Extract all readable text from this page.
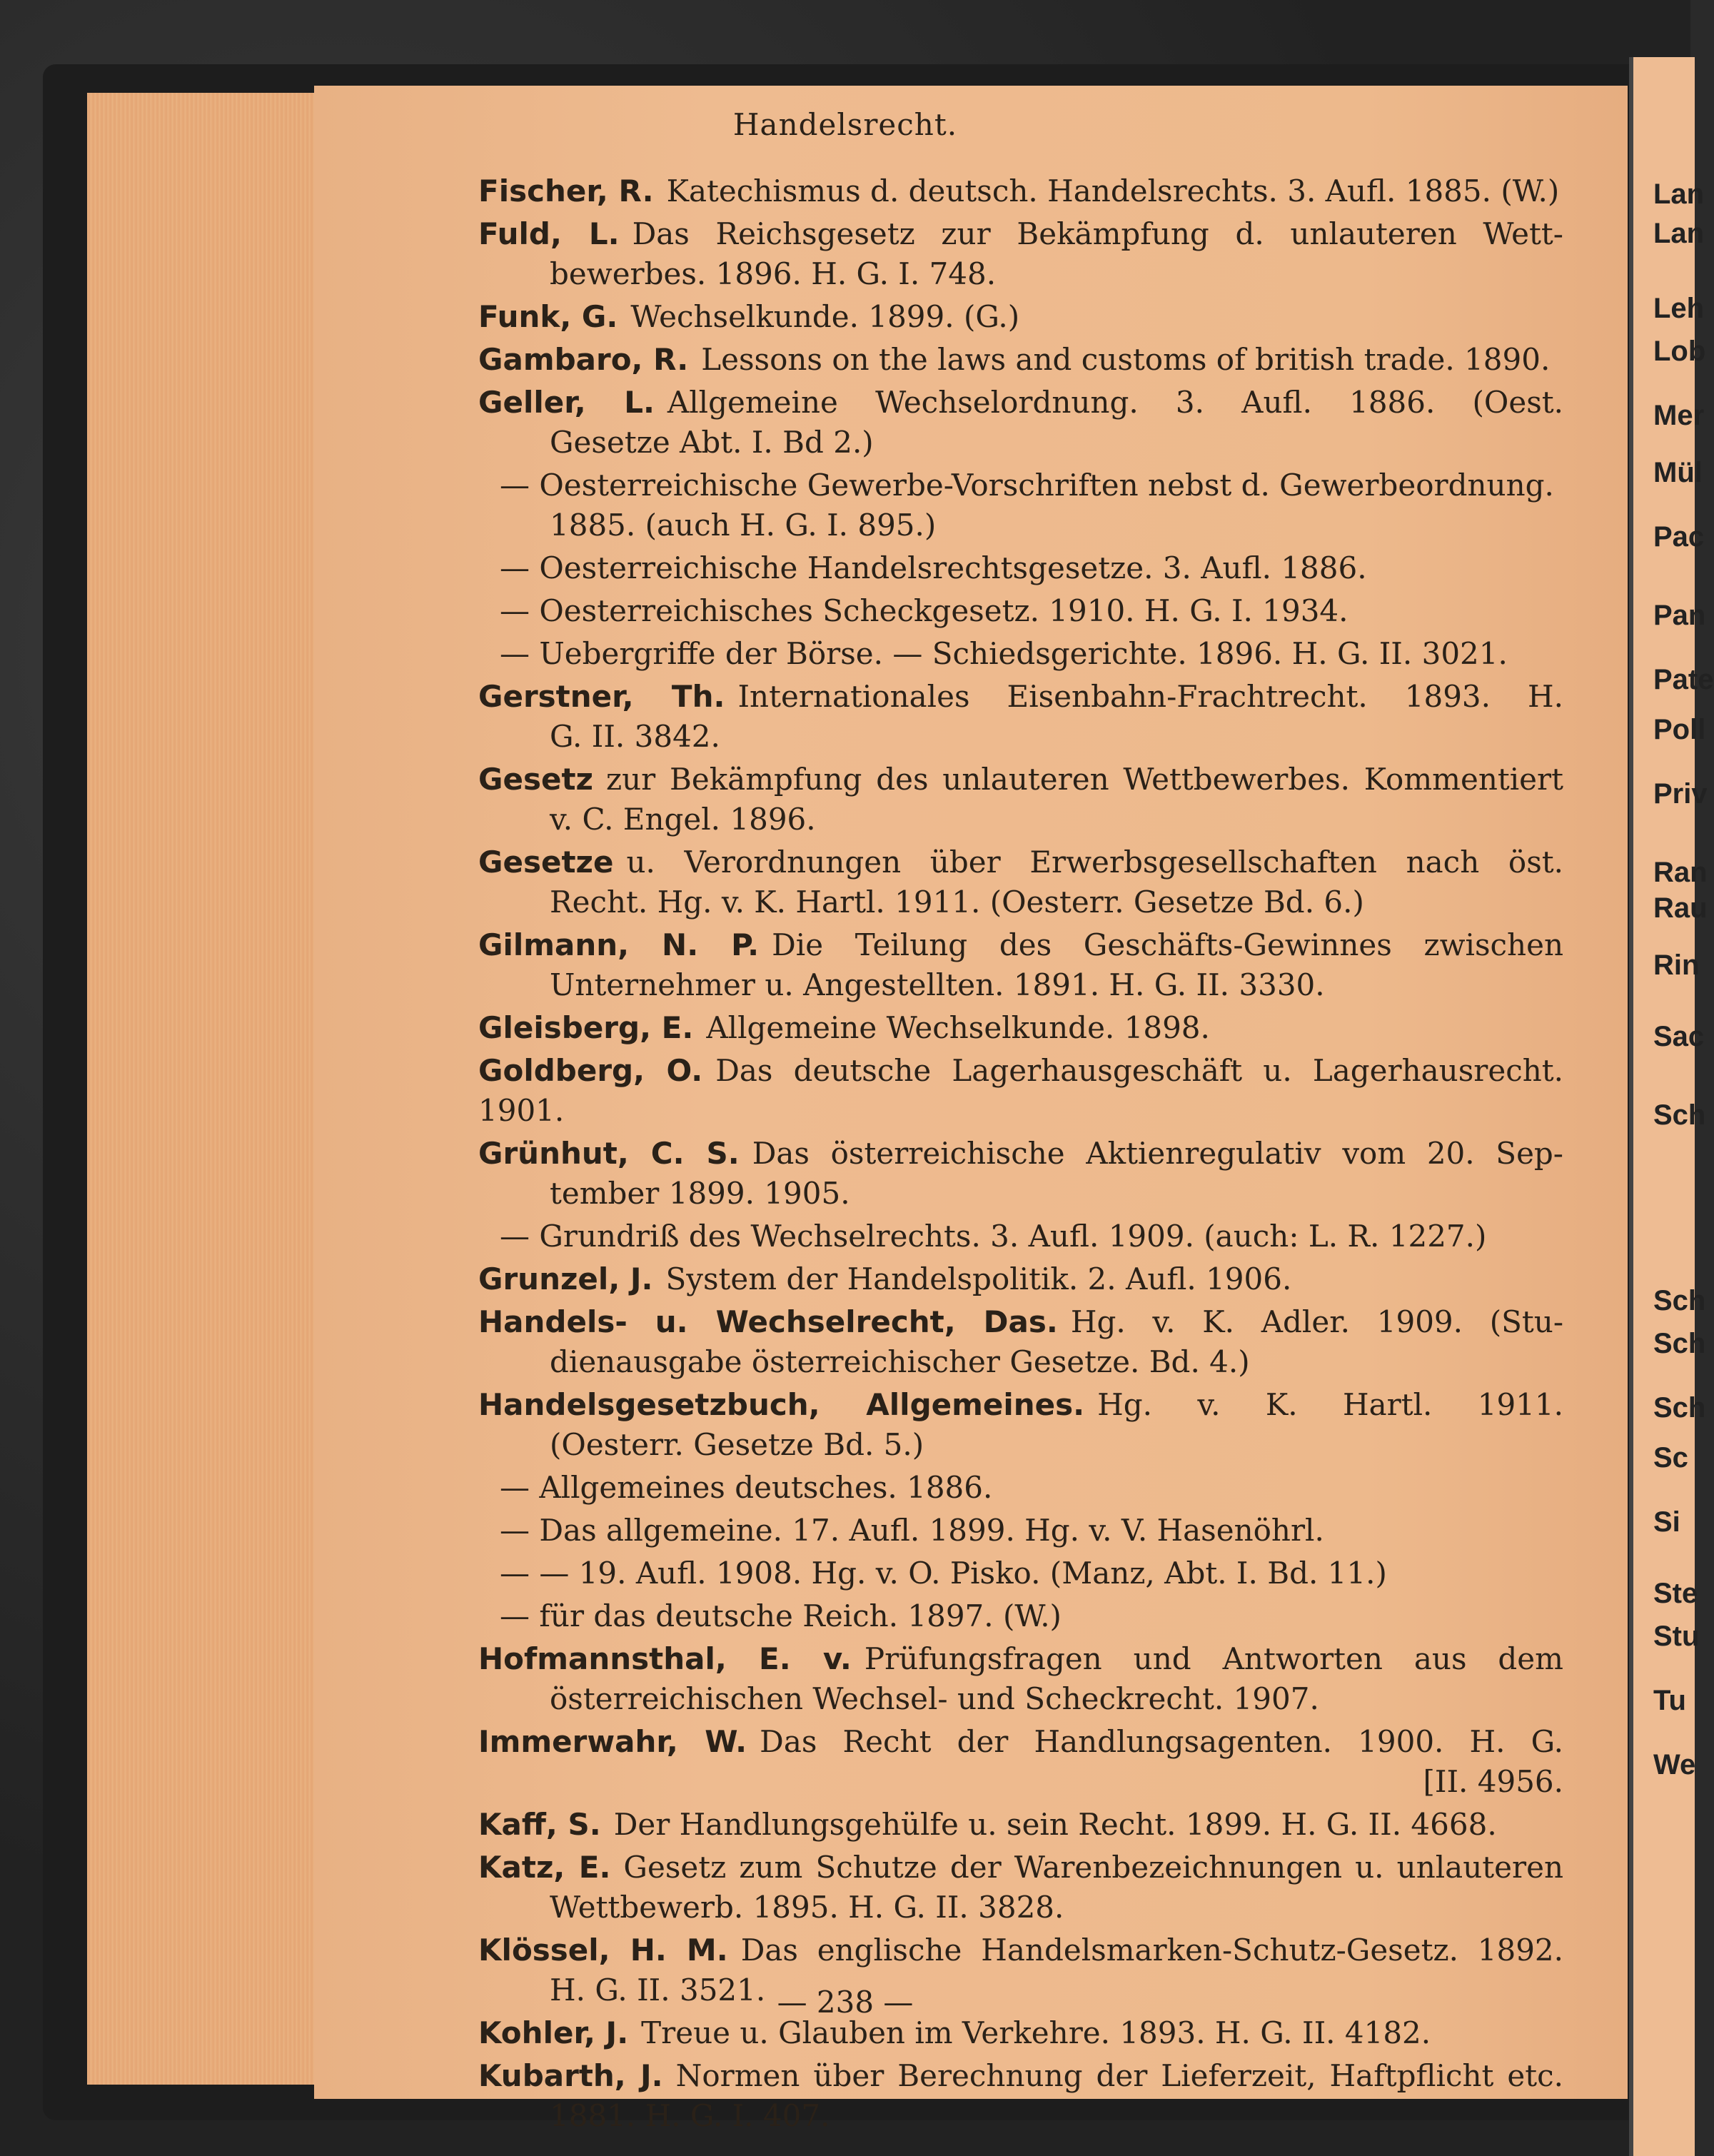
Lan
Lan
Leh
Lob
Mer
Mül
Pac
Pan
Pate
Poll
Priv
Ran
Rau
Rin
Sac
Sch
Sch
Sch
Sch
Sc
Si
Ste
Stu
Tu
We
Handelsrecht.
Fischer, R. Katechismus d. deutsch. Handelsrechts. 3. Aufl. 1885. (W.)
Fuld, L. Das Reichsgesetz zur Bekämpfung d. unlauteren Wett-
bewerbes. 1896. H. G. I. 748.
Funk, G. Wechselkunde. 1899. (G.)
Gambaro, R. Lessons on the laws and customs of british trade. 1890.
Geller, L. Allgemeine Wechselordnung. 3. Aufl. 1886. (Oest.
Gesetze Abt. I. Bd 2.)
— Oesterreichische Gewerbe-Vorschriften nebst d. Gewerbeordnung.
1885. (auch H. G. I. 895.)
— Oesterreichische Handelsrechtsgesetze. 3. Aufl. 1886.
— Oesterreichisches Scheckgesetz. 1910. H. G. I. 1934.
— Uebergriffe der Börse. — Schiedsgerichte. 1896. H. G. II. 3021.
Gerstner, Th. Internationales Eisenbahn-Frachtrecht. 1893. H.
G. II. 3842.
Gesetz zur Bekämpfung des unlauteren Wettbewerbes. Kommentiert
v. C. Engel. 1896.
Gesetze u. Verordnungen über Erwerbsgesellschaften nach öst.
Recht. Hg. v. K. Hartl. 1911. (Oesterr. Gesetze Bd. 6.)
Gilmann, N. P. Die Teilung des Geschäfts-Gewinnes zwischen
Unternehmer u. Angestellten. 1891. H. G. II. 3330.
Gleisberg, E. Allgemeine Wechselkunde. 1898.
Goldberg, O. Das deutsche Lagerhausgeschäft u. Lagerhausrecht. 1901.
Grünhut, C. S. Das österreichische Aktienregulativ vom 20. Sep-
tember 1899. 1905.
— Grundriß des Wechselrechts. 3. Aufl. 1909. (auch: L. R. 1227.)
Grunzel, J. System der Handelspolitik. 2. Aufl. 1906.
Handels- u. Wechselrecht, Das. Hg. v. K. Adler. 1909. (Stu-
dienausgabe österreichischer Gesetze. Bd. 4.)
Handelsgesetzbuch, Allgemeines. Hg. v. K. Hartl. 1911.
(Oesterr. Gesetze Bd. 5.)
— Allgemeines deutsches. 1886.
— Das allgemeine. 17. Aufl. 1899. Hg. v. V. Hasenöhrl.
— — 19. Aufl. 1908. Hg. v. O. Pisko. (Manz, Abt. I. Bd. 11.)
— für das deutsche Reich. 1897. (W.)
Hofmannsthal, E. v. Prüfungsfragen und Antworten aus dem
österreichischen Wechsel- und Scheckrecht. 1907.
Immerwahr, W. Das Recht der Handlungsagenten. 1900. H. G.
[II. 4956.
Kaff, S. Der Handlungsgehülfe u. sein Recht. 1899. H. G. II. 4668.
Katz, E. Gesetz zum Schutze der Warenbezeichnungen u. unlauteren
Wettbewerb. 1895. H. G. II. 3828.
Klössel, H. M. Das englische Handelsmarken-Schutz-Gesetz. 1892.
H. G. II. 3521.
Kohler, J. Treue u. Glauben im Verkehre. 1893. H. G. II. 4182.
Kubarth, J. Normen über Berechnung der Lieferzeit, Haftpflicht etc.
1881. H. G. I. 407.
— 238 —
